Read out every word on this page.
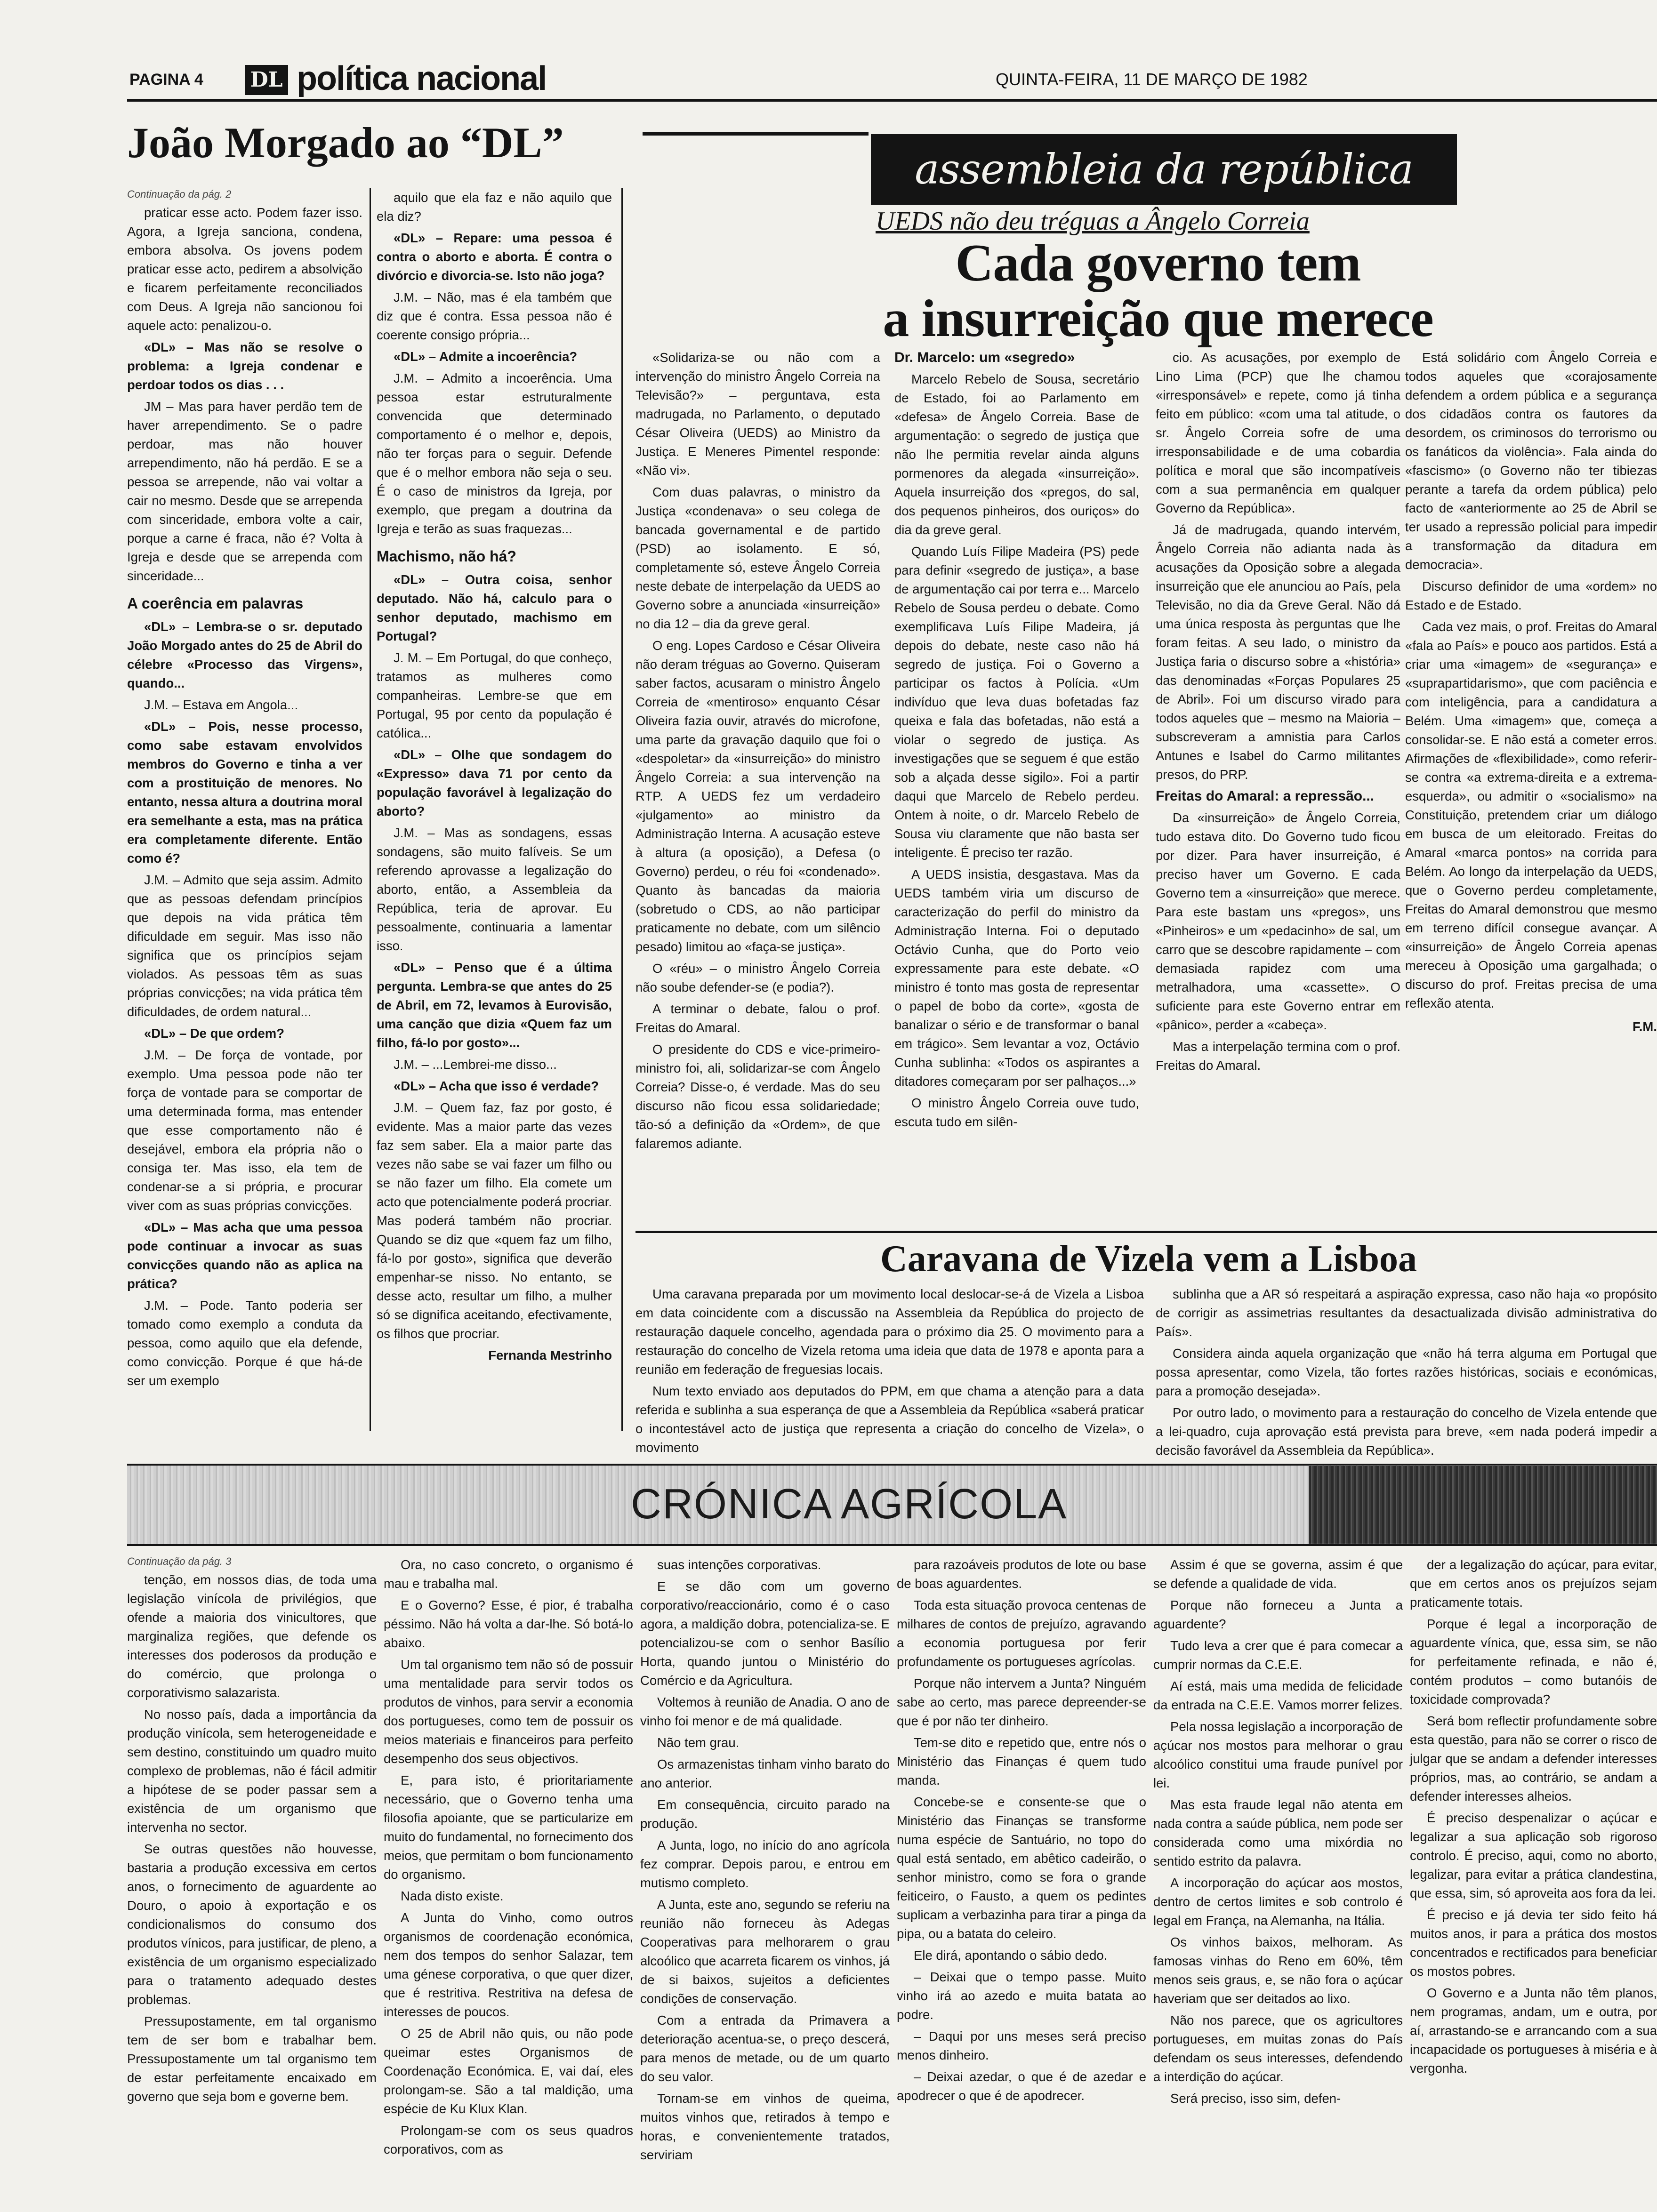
PAGINA 4 DL política nacional	QUINTA-FEIRA, 11 DE MARÇO DE 1982
João Morgado ao “DL”

Continuação da pág. 2

praticar esse acto. Podem fazer isso. Agora, a Igreja sanciona, condena, embora absolva. Os jovens podem praticar esse acto, pedirem a absolvição e ficarem perfeitamente reconciliados com Deus. A Igreja não sancionou foi aquele acto: penalizou-o.

«DL» – Mas não se resolve o problema: a Igreja condenar e perdoar todos os dias . . .

JM – Mas para haver perdão tem de haver arrependimento. Se o padre perdoar, mas não houver arrependimento, não há perdão. E se a pessoa se arrepende, não vai voltar a cair no mesmo. Desde que se arrependa com sinceridade, embora volte a cair, porque a carne é fraca, não é? Volta à Igreja e desde que se arrependa com sinceridade...

A coerência em palavras

«DL» – Lembra-se o sr. deputado João Morgado antes do 25 de Abril do célebre «Processo das Virgens», quando...

J.M. – Estava em Angola...

«DL» – Pois, nesse processo, como sabe estavam envolvidos membros do Governo e tinha a ver com a prostituição de menores. No entanto, nessa altura a doutrina moral era semelhante a esta, mas na prática era completamente diferente. Então como é?

J.M. – Admito que seja assim. Admito que as pessoas defendam princípios que depois na vida prática têm dificuldade em seguir. Mas isso não significa que os princípios sejam violados. As pessoas têm as suas próprias convicções; na vida prática têm dificuldades, de ordem natural...

«DL» – De que ordem?

J.M. – De força de vontade, por exemplo. Uma pessoa pode não ter força de vontade para se comportar de uma determinada forma, mas entender que esse comportamento não é desejável, embora ela própria não o consiga ter. Mas isso, ela tem de condenar-se a si própria, e procurar viver com as suas próprias convicções.

«DL» – Mas acha que uma pessoa pode continuar a invocar as suas convicções quando não as aplica na prática?

J.M. – Pode. Tanto poderia ser tomado como exemplo a conduta da pessoa, como aquilo que ela defende, como convicção. Porque é que há-de ser um exemplo

aquilo que ela faz e não aquilo que ela diz?

«DL» – Repare: uma pessoa é contra o aborto e aborta. É contra o divórcio e divorcia-se. Isto não joga?

J.M. – Não, mas é ela também que diz que é contra. Essa pessoa não é coerente consigo própria...

«DL» – Admite a incoerência?

J.M. – Admito a incoerência. Uma pessoa estar estruturalmente convencida que determinado comportamento é o melhor e, depois, não ter forças para o seguir. Defende que é o melhor embora não seja o seu. É o caso de ministros da Igreja, por exemplo, que pregam a doutrina da Igreja e terão as suas fraquezas...

Machismo, não há?

«DL» – Outra coisa, senhor deputado. Não há, calculo para o senhor deputado, machismo em Portugal?

J. M. – Em Portugal, do que conheço, tratamos as mulheres como companheiras. Lembre-se que em Portugal, 95 por cento da população é católica...

«DL» – Olhe que sondagem do «Expresso» dava 71 por cento da população favorável à legalização do aborto?

J.M. – Mas as sondagens, essas sondagens, são muito falíveis. Se um referendo aprovasse a legalização do aborto, então, a Assembleia da República, teria de aprovar. Eu pessoalmente, continuaria a lamentar isso.

«DL» – Penso que é a última pergunta. Lembra-se que antes do 25 de Abril, em 72, levamos à Eurovisão, uma canção que dizia «Quem faz um filho, fá-lo por gosto»...

J.M. – ...Lembrei-me disso...

«DL» – Acha que isso é verdade?

J.M. – Quem faz, faz por gosto, é evidente. Mas a maior parte das vezes faz sem saber. Ela a maior parte das vezes não sabe se vai fazer um filho ou se não fazer um filho. Ela comete um acto que potencialmente poderá procriar. Mas poderá também não procriar. Quando se diz que «quem faz um filho, fá-lo por gosto», significa que deverão empenhar-se nisso. No entanto, se desse acto, resultar um filho, a mulher só se dignifica aceitando, efectivamente, os filhos que procriar.

Fernanda Mestrinho

assembleia da república
UEDS não deu tréguas a Ângelo Correia
Cada governo tem
a insurreição que merece

«Solidariza-se ou não com a intervenção do ministro Ângelo Correia na Televisão?» – perguntava, esta madrugada, no Parlamento, o deputado César Oliveira (UEDS) ao Ministro da Justiça. E Meneres Pimentel responde: «Não vi».

Com duas palavras, o ministro da Justiça «condenava» o seu colega de bancada governamental e de partido (PSD) ao isolamento. E só, completamente só, esteve Ângelo Correia neste debate de interpelação da UEDS ao Governo sobre a anunciada «insurreição» no dia 12 – dia da greve geral.

O eng. Lopes Cardoso e César Oliveira não deram tréguas ao Governo. Quiseram saber factos, acusaram o ministro Ângelo Correia de «mentiroso» enquanto César Oliveira fazia ouvir, através do microfone, uma parte da gravação daquilo que foi o «despoletar» da «insurreição» do ministro Ângelo Correia: a sua intervenção na RTP. A UEDS fez um verdadeiro «julgamento» ao ministro da Administração Interna. A acusação esteve à altura (a oposição), a Defesa (o Governo) perdeu, o réu foi «condenado». Quanto às bancadas da maioria (sobretudo o CDS, ao não participar praticamente no debate, com um silêncio pesado) limitou ao «faça-se justiça».

O «réu» – o ministro Ângelo Correia não soube defender-se (e podia?).

A terminar o debate, falou o prof. Freitas do Amaral.

O presidente do CDS e vice-primeiro-ministro foi, ali, solidarizar-se com Ângelo Correia? Disse-o, é verdade. Mas do seu discurso não ficou essa solidariedade; tão-só a definição da «Ordem», de que falaremos adiante.

Dr. Marcelo: um «segredo»

Marcelo Rebelo de Sousa, secretário de Estado, foi ao Parlamento em «defesa» de Ângelo Correia. Base de argumentação: o segredo de justiça que não lhe permitia revelar ainda alguns pormenores da alegada «insurreição». Aquela insurreição dos «pregos, do sal, dos pequenos pinheiros, dos ouriços» do dia da greve geral.

Quando Luís Filipe Madeira (PS) pede para definir «segredo de justiça», a base de argumentação cai por terra e... Marcelo Rebelo de Sousa perdeu o debate. Como exemplificava Luís Filipe Madeira, já depois do debate, neste caso não há segredo de justiça. Foi o Governo a participar os factos à Polícia. «Um indivíduo que leva duas bofetadas faz queixa e fala das bofetadas, não está a violar o segredo de justiça. As investigações que se seguem é que estão sob a alçada desse sigilo». Foi a partir daqui que Marcelo de Rebelo perdeu. Ontem à noite, o dr. Marcelo Rebelo de Sousa viu claramente que não basta ser inteligente. É preciso ter razão.

A UEDS insistia, desgastava. Mas da UEDS também viria um discurso de caracterização do perfil do ministro da Administração Interna. Foi o deputado Octávio Cunha, que do Porto veio expressamente para este debate. «O ministro é tonto mas gosta de representar o papel de bobo da corte», «gosta de banalizar o sério e de transformar o banal em trágico». Sem levantar a voz, Octávio Cunha sublinha: «Todos os aspirantes a ditadores começaram por ser palhaços...»

O ministro Ângelo Correia ouve tudo, escuta tudo em silên-

cio. As acusações, por exemplo de Lino Lima (PCP) que lhe chamou «irresponsável» e repete, como já tinha feito em público: «com uma tal atitude, o sr. Ângelo Correia sofre de uma irresponsabilidade e de uma cobardia política e moral que são incompatíveis com a sua permanência em qualquer Governo da República».

Já de madrugada, quando intervém, Ângelo Correia não adianta nada às acusações da Oposição sobre a alegada insurreição que ele anunciou ao País, pela Televisão, no dia da Greve Geral. Não dá uma única resposta às perguntas que lhe foram feitas. A seu lado, o ministro da Justiça faria o discurso sobre a «história» das denominadas «Forças Populares 25 de Abril». Foi um discurso virado para todos aqueles que – mesmo na Maioria – subscreveram a amnistia para Carlos Antunes e Isabel do Carmo militantes presos, do PRP.

Freitas do Amaral: a repressão...

Da «insurreição» de Ângelo Correia, tudo estava dito. Do Governo tudo ficou por dizer. Para haver insurreição, é preciso haver um Governo. E cada Governo tem a «insurreição» que merece. Para este bastam uns «pregos», uns «Pinheiros» e um «pedacinho» de sal, um carro que se descobre rapidamente – com demasiada rapidez com uma metralhadora, uma «cassette». O suficiente para este Governo entrar em «pânico», perder a «cabeça».

Mas a interpelação termina com o prof. Freitas do Amaral.

Está solidário com Ângelo Correia e todos aqueles que «corajosamente defendem a ordem pública e a segurança dos cidadãos contra os fautores da desordem, os criminosos do terrorismo ou os fanáticos da violência». Fala ainda do «fascismo» (o Governo não ter tibiezas perante a tarefa da ordem pública) pelo facto de «anteriormente ao 25 de Abril se ter usado a repressão policial para impedir a transformação da ditadura em democracia».

Discurso definidor de uma «ordem» no Estado e de Estado.

Cada vez mais, o prof. Freitas do Amaral «fala ao País» e pouco aos partidos. Está a criar uma «imagem» de «segurança» e «suprapartidarismo», que com paciência e com inteligência, para a candidatura a Belém. Uma «imagem» que, começa a consolidar-se. E não está a cometer erros. Afirmações de «flexibilidade», como referir-se contra «a extrema-direita e a extrema-esquerda», ou admitir o «socialismo» na Constituição, pretendem criar um diálogo em busca de um eleitorado. Freitas do Amaral «marca pontos» na corrida para Belém. Ao longo da interpelação da UEDS, que o Governo perdeu completamente, Freitas do Amaral demonstrou que mesmo em terreno difícil consegue avançar. A «insurreição» de Ângelo Correia apenas mereceu à Oposição uma gargalhada; o discurso do prof. Freitas precisa de uma reflexão atenta.

F.M.

Caravana de Vizela vem a Lisboa

Uma caravana preparada por um movimento local deslocar-se-á de Vizela a Lisboa em data coincidente com a discussão na Assembleia da República do projecto de restauração daquele concelho, agendada para o próximo dia 25. O movimento para a restauração do concelho de Vizela retoma uma ideia que data de 1978 e aponta para a reunião em federação de freguesias locais.

Num texto enviado aos deputados do PPM, em que chama a atenção para a data referida e sublinha a sua esperança de que a Assembleia da República «saberá praticar o incontestável acto de justiça que representa a criação do concelho de Vizela», o movimento

sublinha que a AR só respeitará a aspiração expressa, caso não haja «o propósito de corrigir as assimetrias resultantes da desactualizada divisão administrativa do País».

Considera ainda aquela organização que «não há terra alguma em Portugal que possa apresentar, como Vizela, tão fortes razões históricas, sociais e económicas, para a promoção desejada».

Por outro lado, o movimento para a restauração do concelho de Vizela entende que a lei-quadro, cuja aprovação está prevista para breve, «em nada poderá impedir a decisão favorável da Assembleia da República».

CRÓNICA AGRÍCOLA

Continuação da pág. 3

tenção, em nossos dias, de toda uma legislação vinícola de privilégios, que ofende a maioria dos vinicultores, que marginaliza regiões, que defende os interesses dos poderosos da produção e do comércio, que prolonga o corporativismo salazarista.

No nosso país, dada a importância da produção vinícola, sem heterogeneidade e sem destino, constituindo um quadro muito complexo de problemas, não é fácil admitir a hipótese de se poder passar sem a existência de um organismo que intervenha no sector.

Se outras questões não houvesse, bastaria a produção excessiva em certos anos, o fornecimento de aguardente ao Douro, o apoio à exportação e os condicionalismos do consumo dos produtos vínicos, para justificar, de pleno, a existência de um organismo especializado para o tratamento adequado destes problemas.

Pressupostamente, em tal organismo tem de ser bom e trabalhar bem. Pressupostamente um tal organismo tem de estar perfeitamente encaixado em governo que seja bom e governe bem.

Ora, no caso concreto, o organismo é mau e trabalha mal.

E o Governo? Esse, é pior, é trabalha péssimo. Não há volta a dar-lhe. Só botá-lo abaixo.

Um tal organismo tem não só de possuir uma mentalidade para servir todos os produtos de vinhos, para servir a economia dos portugueses, como tem de possuir os meios materiais e financeiros para perfeito desempenho dos seus objectivos.

E, para isto, é prioritariamente necessário, que o Governo tenha uma filosofia apoiante, que se particularize em muito do fundamental, no fornecimento dos meios, que permitam o bom funcionamento do organismo.

Nada disto existe.

A Junta do Vinho, como outros organismos de coordenação económica, nem dos tempos do senhor Salazar, tem uma génese corporativa, o que quer dizer, que é restritiva. Restritiva na defesa de interesses de poucos.

O 25 de Abril não quis, ou não pode queimar estes Organismos de Coordenação Económica. E, vai daí, eles prolongam-se. São a tal maldição, uma espécie de Ku Klux Klan.

Prolongam-se com os seus quadros corporativos, com as

suas intenções corporativas.

E se dão com um governo corporativo/reaccionário, como é o caso agora, a maldição dobra, potencializa-se. E potencializou-se com o senhor Basílio Horta, quando juntou o Ministério do Comércio e da Agricultura.

Voltemos à reunião de Anadia. O ano de vinho foi menor e de má qualidade.

Não tem grau.

Os armazenistas tinham vinho barato do ano anterior.

Em consequência, circuito parado na produção.

A Junta, logo, no início do ano agrícola fez comprar. Depois parou, e entrou em mutismo completo.

A Junta, este ano, segundo se referiu na reunião não forneceu às Adegas Cooperativas para melhorarem o grau alcoólico que acarreta ficarem os vinhos, já de si baixos, sujeitos a deficientes condições de conservação.

Com a entrada da Primavera a deterioração acentua-se, o preço descerá, para menos de metade, ou de um quarto do seu valor.

Tornam-se em vinhos de queima, muitos vinhos que, retirados à tempo e horas, e convenientemente tratados, serviriam

para razoáveis produtos de lote ou base de boas aguardentes.

Toda esta situação provoca centenas de milhares de contos de prejuízo, agravando a economia portuguesa por ferir profundamente os portugueses agrícolas.

Porque não intervem a Junta? Ninguém sabe ao certo, mas parece depreender-se que é por não ter dinheiro.

Tem-se dito e repetido que, entre nós o Ministério das Finanças é quem tudo manda.

Concebe-se e consente-se que o Ministério das Finanças se transforme numa espécie de Santuário, no topo do qual está sentado, em abêtico cadeirão, o senhor ministro, como se fora o grande feiticeiro, o Fausto, a quem os pedintes suplicam a verbazinha para tirar a pinga da pipa, ou a batata do celeiro.

Ele dirá, apontando o sábio dedo.

– Deixai que o tempo passe. Muito vinho irá ao azedo e muita batata ao podre.

– Daqui por uns meses será preciso menos dinheiro.

– Deixai azedar, o que é de azedar e apodrecer o que é de apodrecer.

Assim é que se governa, assim é que se defende a qualidade de vida.

Porque não forneceu a Junta a aguardente?

Tudo leva a crer que é para comecar a cumprir normas da C.E.E.

Aí está, mais uma medida de felicidade da entrada na C.E.E. Vamos morrer felizes.

Pela nossa legislação a incorporação de açúcar nos mostos para melhorar o grau alcoólico constitui uma fraude punível por lei.

Mas esta fraude legal não atenta em nada contra a saúde pública, nem pode ser considerada como uma mixórdia no sentido estrito da palavra.

A incorporação do açúcar aos mostos, dentro de certos limites e sob controlo é legal em França, na Alemanha, na Itália.

Os vinhos baixos, melhoram. As famosas vinhas do Reno em 60%, têm menos seis graus, e, se não fora o açúcar haveriam que ser deitados ao lixo.

Não nos parece, que os agricultores portugueses, em muitas zonas do País defendam os seus interesses, defendendo a interdição do açúcar.

Será preciso, isso sim, defen-

der a legalização do açúcar, para evitar, que em certos anos os prejuízos sejam praticamente totais.

Porque é legal a incorporação de aguardente vínica, que, essa sim, se não for perfeitamente refinada, e não é, contém produtos – como butanóis de toxicidade comprovada?

Será bom reflectir profundamente sobre esta questão, para não se correr o risco de julgar que se andam a defender interesses próprios, mas, ao contrário, se andam a defender interesses alheios.

É preciso despenalizar o açúcar e legalizar a sua aplicação sob rigoroso controlo. É preciso, aqui, como no aborto, legalizar, para evitar a prática clandestina, que essa, sim, só aproveita aos fora da lei.

É preciso e já devia ter sido feito há muitos anos, ir para a prática dos mostos concentrados e rectificados para beneficiar os mostos pobres.

O Governo e a Junta não têm planos, nem programas, andam, um e outra, por aí, arrastando-se e arrancando com a sua incapacidade os portugueses à miséria e à vergonha.
